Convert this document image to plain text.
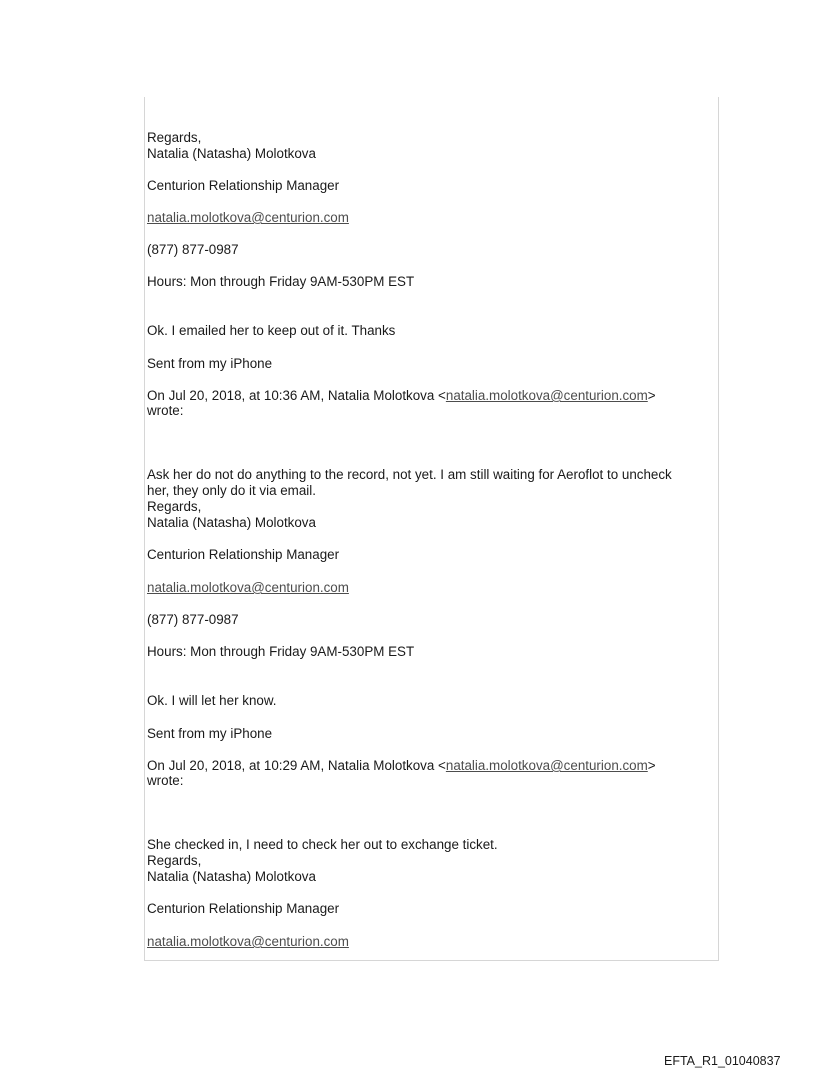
Regards,

Natalia (Natasha) Molotkova

Centurion Relationship Manager

natalia.molotkova@centurion.com

(877) 877-0987

Hours: Mon through Friday 9AM-530PM EST

Ok. I emailed her to keep out of it. Thanks

Sent from my iPhone

On Jul 20, 2018, at 10:36 AM, Natalia Molotkova <natalia.molotkova@centurion.com>

wrote:

Ask her do not do anything to the record, not yet. I am still waiting for Aeroflot to uncheck

her, they only do it via email.

Regards,

Natalia (Natasha) Molotkova

Centurion Relationship Manager

natalia.molotkova@centurion.com

(877) 877-0987

Hours: Mon through Friday 9AM-530PM EST

Ok. I will let her know.

Sent from my iPhone

On Jul 20, 2018, at 10:29 AM, Natalia Molotkova <natalia.molotkova@centurion.com>

wrote:

She checked in, I need to check her out to exchange ticket.

Regards,

Natalia (Natasha) Molotkova

Centurion Relationship Manager

natalia.molotkova@centurion.com

EFTA_R1_01040837
